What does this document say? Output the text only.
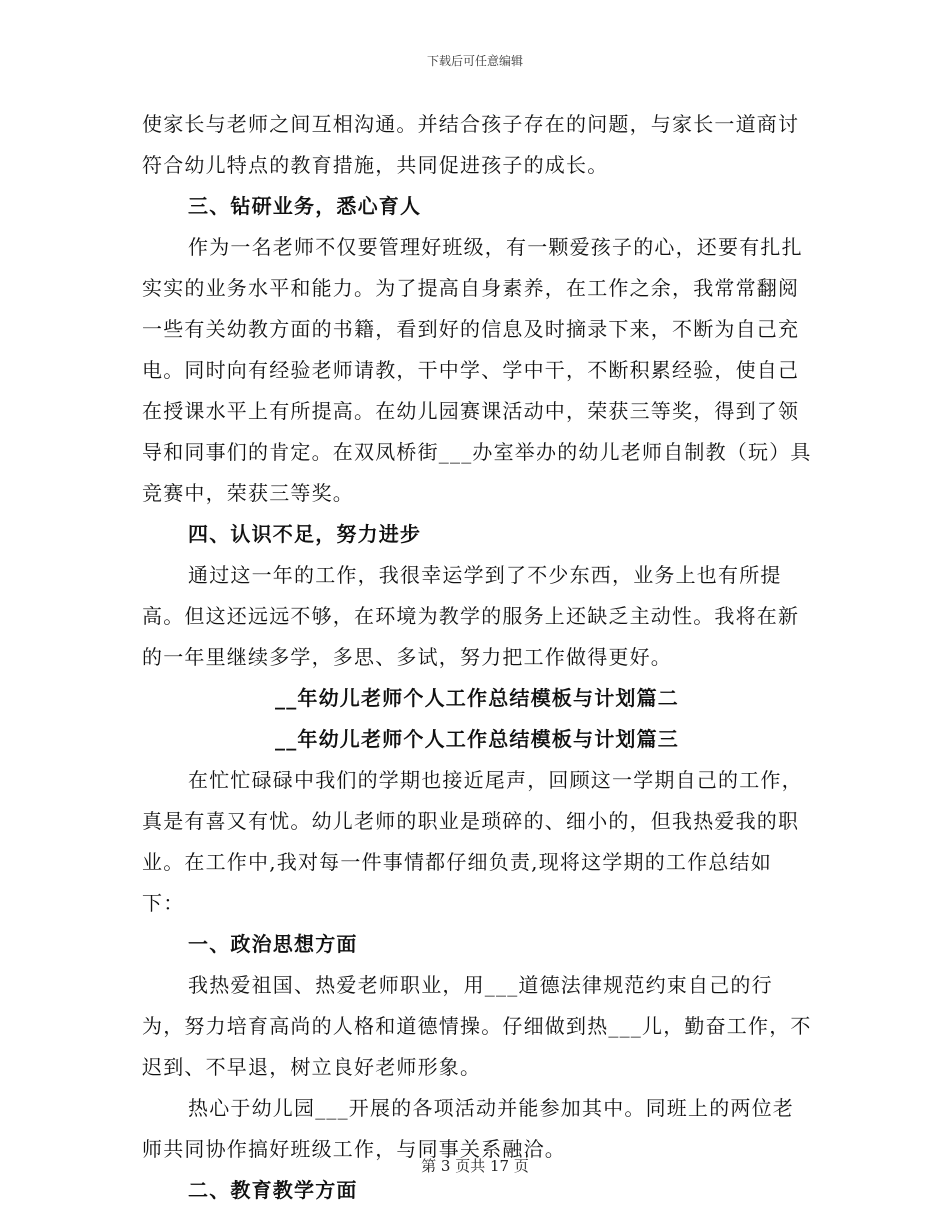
下载后可任意编辑

使家长与老师之间互相沟通。并结合孩子存在的问题，与家长一道商讨符合幼儿特点的教育措施，共同促进孩子的成长。

三、钻研业务，悉心育人

作为一名老师不仅要管理好班级，有一颗爱孩子的心，还要有扎扎实实的业务水平和能力。为了提高自身素养，在工作之余，我常常翻阅一些有关幼教方面的书籍，看到好的信息及时摘录下来，不断为自己充电。同时向有经验老师请教，干中学、学中干，不断积累经验，使自己在授课水平上有所提高。在幼儿园赛课活动中，荣获三等奖，得到了领导和同事们的肯定。在双凤桥街___办室举办的幼儿老师自制教（玩）具竞赛中，荣获三等奖。

四、认识不足，努力进步

通过这一年的工作，我很幸运学到了不少东西，业务上也有所提高。但这还远远不够，在环境为教学的服务上还缺乏主动性。我将在新的一年里继续多学，多思、多试，努力把工作做得更好。

__年幼儿老师个人工作总结模板与计划篇二

__年幼儿老师个人工作总结模板与计划篇三

在忙忙碌碌中我们的学期也接近尾声，回顾这一学期自己的工作，真是有喜又有忧。幼儿老师的职业是琐碎的、细小的，但我热爱我的职业。在工作中,我对每一件事情都仔细负责,现将这学期的工作总结如下：

一、政治思想方面

我热爱祖国、热爱老师职业，用___道德法律规范约束自己的行为，努力培育高尚的人格和道德情操。仔细做到热___儿，勤奋工作，不迟到、不早退，树立良好老师形象。

热心于幼儿园___开展的各项活动并能参加其中。同班上的两位老师共同协作搞好班级工作，与同事关系融洽。

二、教育教学方面

第 3 页共 17 页
